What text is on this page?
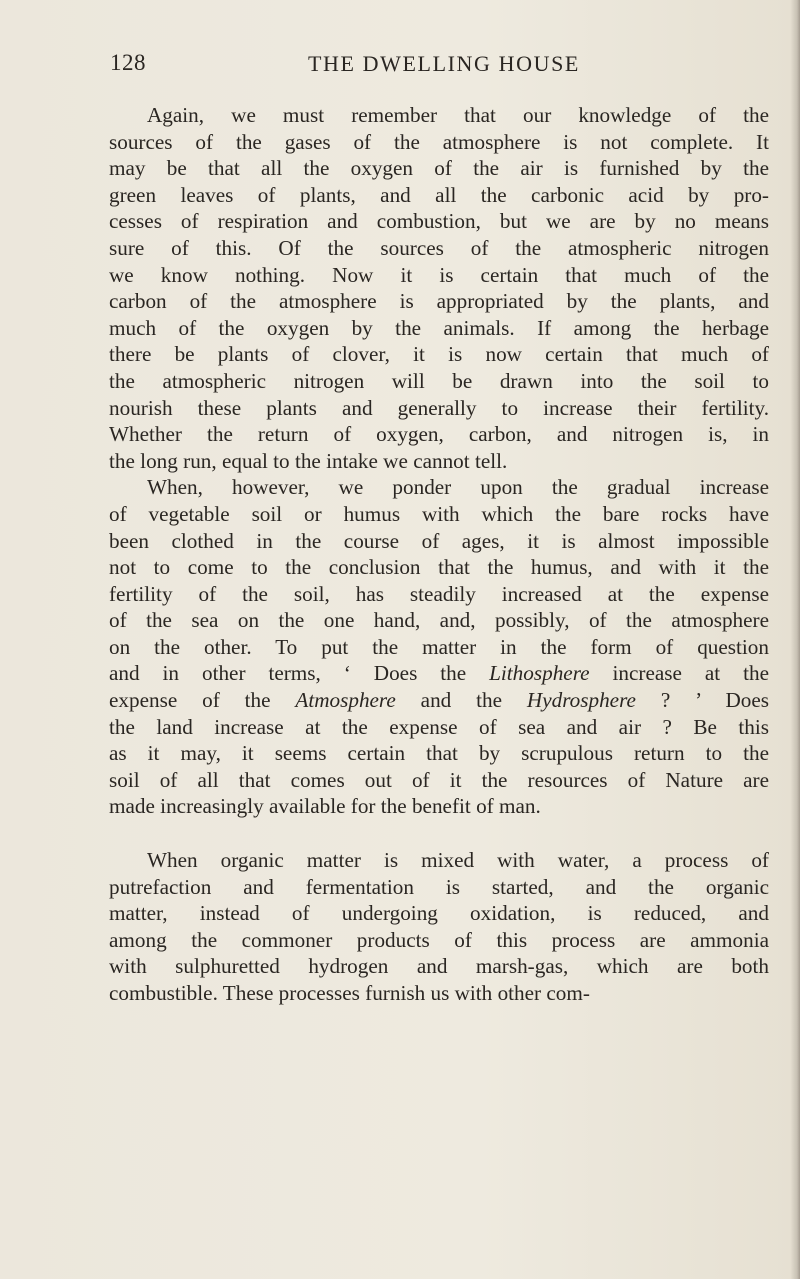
128	THE DWELLING HOUSE
Again, we must remember that our knowledge of the
sources of the gases of the atmosphere is not complete. It
may be that all the oxygen of the air is furnished by the
green leaves of plants, and all the carbonic acid by pro-
cesses of respiration and combustion, but we are by no means
sure of this. Of the sources of the atmospheric nitrogen
we know nothing. Now it is certain that much of the
carbon of the atmosphere is appropriated by the plants, and
much of the oxygen by the animals. If among the herbage
there be plants of clover, it is now certain that much of
the atmospheric nitrogen will be drawn into the soil to
nourish these plants and generally to increase their fertility.
Whether the return of oxygen, carbon, and nitrogen is, in
the long run, equal to the intake we cannot tell.
When, however, we ponder upon the gradual increase
of vegetable soil or humus with which the bare rocks have
been clothed in the course of ages, it is almost impossible
not to come to the conclusion that the humus, and with it the
fertility of the soil, has steadily increased at the expense
of the sea on the one hand, and, possibly, of the atmosphere
on the other. To put the matter in the form of question
and in other terms, ‘ Does the Lithosphere increase at the
expense of the Atmosphere and the Hydrosphere ? ’ Does
the land increase at the expense of sea and air ? Be this
as it may, it seems certain that by scrupulous return to the
soil of all that comes out of it the resources of Nature are
made increasingly available for the benefit of man.
When organic matter is mixed with water, a process of
putrefaction and fermentation is started, and the organic
matter, instead of undergoing oxidation, is reduced, and
among the commoner products of this process are ammonia
with sulphuretted hydrogen and marsh-gas, which are both
combustible. These processes furnish us with other com-
